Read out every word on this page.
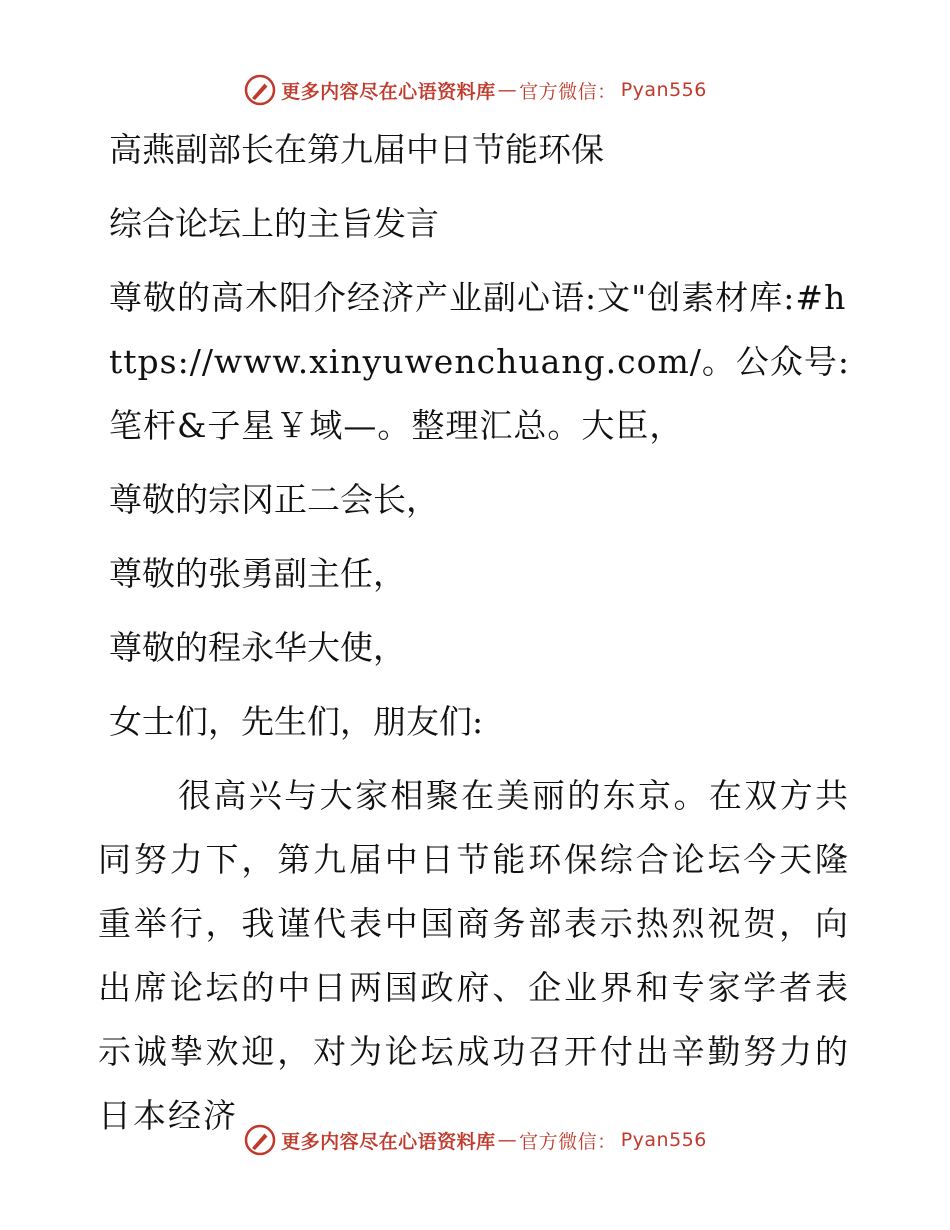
更多内容尽在心语资料库 — 官方微信： Pyan556

高燕副部长在第九届中日节能环保

综合论坛上的主旨发言

尊敬的高木阳介经济产业副心语:文"创素材库:#https://www.xinyuwenchuang.com/。公众号: 笔杆&子星￥域—。整理汇总。大臣，

尊敬的宗冈正二会长，

尊敬的张勇副主任，

尊敬的程永华大使，

女士们，先生们，朋友们:

很高兴与大家相聚在美丽的东京。在双方共同努力下，第九届中日节能环保综合论坛今天隆重举行，我谨代表中国商务部表示热烈祝贺，向出席论坛的中日两国政府、企业界和专家学者表示诚挚欢迎，对为论坛成功召开付出辛勤努力的日本经济

更多内容尽在心语资料库 — 官方微信： Pyan556
